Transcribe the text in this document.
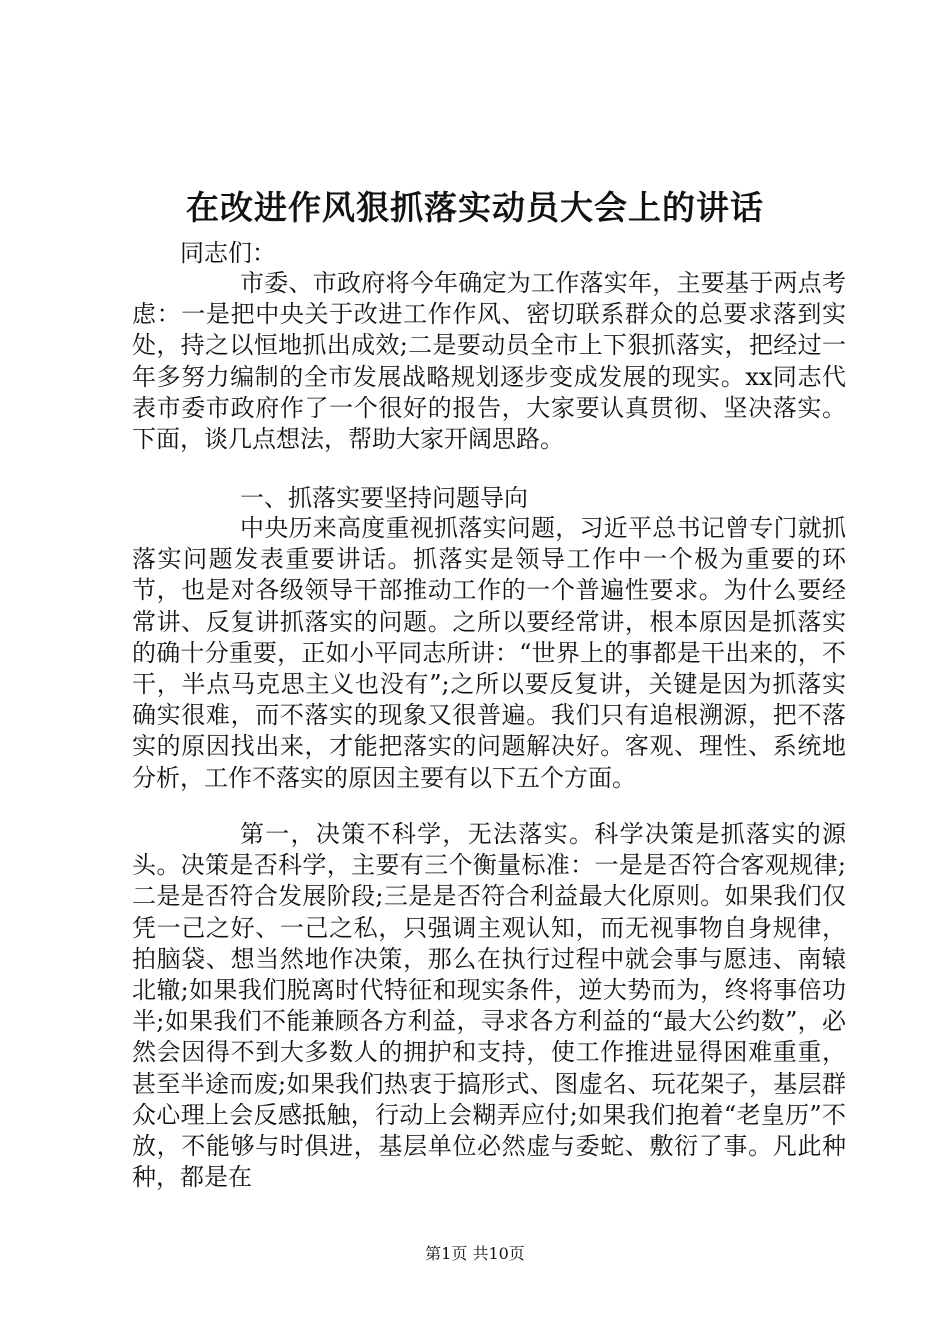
在改进作风狠抓落实动员大会上的讲话

同志们：

市委、市政府将今年确定为工作落实年，主要基于两点考虑：一是把中央关于改进工作作风、密切联系群众的总要求落到实处，持之以恒地抓出成效;二是要动员全市上下狠抓落实，把经过一年多努力编制的全市发展战略规划逐步变成发展的现实。xx同志代表市委市政府作了一个很好的报告，大家要认真贯彻、坚决落实。下面，谈几点想法，帮助大家开阔思路。

一、抓落实要坚持问题导向

中央历来高度重视抓落实问题，习近平总书记曾专门就抓落实问题发表重要讲话。抓落实是领导工作中一个极为重要的环节，也是对各级领导干部推动工作的一个普遍性要求。为什么要经常讲、反复讲抓落实的问题。之所以要经常讲，根本原因是抓落实的确十分重要，正如小平同志所讲：“世界上的事都是干出来的，不干，半点马克思主义也没有”;之所以要反复讲，关键是因为抓落实确实很难，而不落实的现象又很普遍。我们只有追根溯源，把不落实的原因找出来，才能把落实的问题解决好。客观、理性、系统地分析，工作不落实的原因主要有以下五个方面。

第一，决策不科学，无法落实。科学决策是抓落实的源头。决策是否科学，主要有三个衡量标准：一是是否符合客观规律;二是是否符合发展阶段;三是是否符合利益最大化原则。如果我们仅凭一己之好、一己之私，只强调主观认知，而无视事物自身规律，拍脑袋、想当然地作决策，那么在执行过程中就会事与愿违、南辕北辙;如果我们脱离时代特征和现实条件，逆大势而为，终将事倍功半;如果我们不能兼顾各方利益，寻求各方利益的“最大公约数”，必然会因得不到大多数人的拥护和支持，使工作推进显得困难重重，甚至半途而废;如果我们热衷于搞形式、图虚名、玩花架子，基层群众心理上会反感抵触，行动上会糊弄应付;如果我们抱着“老皇历”不放，不能够与时俱进，基层单位必然虚与委蛇、敷衍了事。凡此种种，都是在

第1页 共10页
